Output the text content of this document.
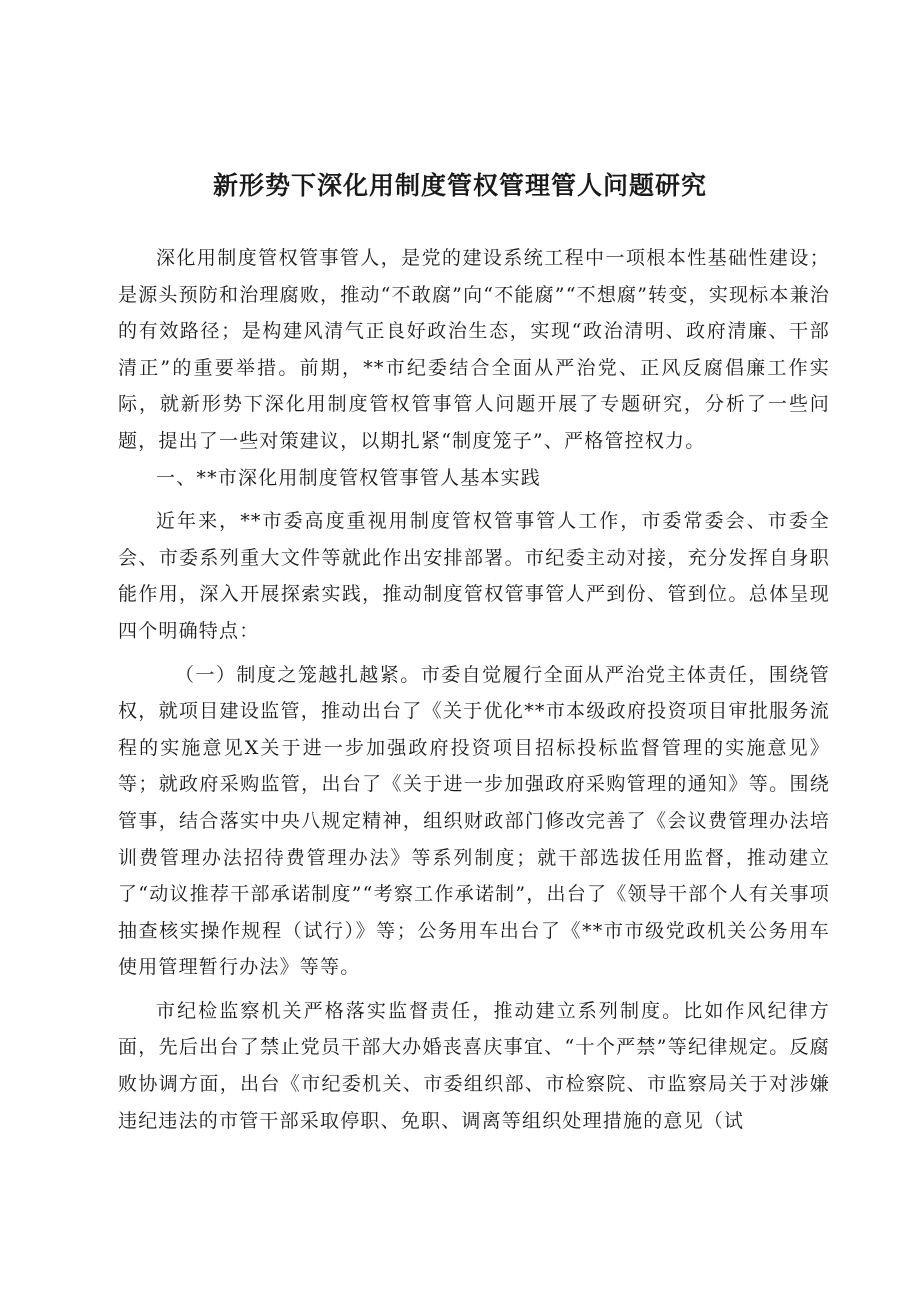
新形势下深化用制度管权管理管人问题研究

深化用制度管权管事管人，是党的建设系统工程中一项根本性基础性建设；是源头预防和治理腐败，推动“不敢腐”向“不能腐”“不想腐”转变，实现标本兼治的有效路径；是构建风清气正良好政治生态，实现“政治清明、政府清廉、干部清正”的重要举措。前期，**市纪委结合全面从严治党、正风反腐倡廉工作实际，就新形势下深化用制度管权管事管人问题开展了专题研究，分析了一些问题，提出了一些对策建议，以期扎紧“制度笼子”、严格管控权力。

一、**市深化用制度管权管事管人基本实践

近年来，**市委高度重视用制度管权管事管人工作，市委常委会、市委全会、市委系列重大文件等就此作出安排部署。市纪委主动对接，充分发挥自身职能作用，深入开展探索实践，推动制度管权管事管人严到份、管到位。总体呈现四个明确特点：

（一）制度之笼越扎越紧。市委自觉履行全面从严治党主体责任，围绕管权，就项目建设监管，推动出台了《关于优化**市本级政府投资项目审批服务流程的实施意见X关于进一步加强政府投资项目招标投标监督管理的实施意见》等；就政府采购监管，出台了《关于进一步加强政府采购管理的通知》等。围绕管事，结合落实中央八规定精神，组织财政部门修改完善了《会议费管理办法培训费管理办法招待费管理办法》等系列制度；就干部选拔任用监督，推动建立了“动议推荐干部承诺制度”“考察工作承诺制”，出台了《领导干部个人有关事项抽查核实操作规程（试行）》等；公务用车出台了《**市市级党政机关公务用车使用管理暂行办法》等等。

市纪检监察机关严格落实监督责任，推动建立系列制度。比如作风纪律方面，先后出台了禁止党员干部大办婚丧喜庆事宜、“十个严禁”等纪律规定。反腐败协调方面，出台《市纪委机关、市委组织部、市检察院、市监察局关于对涉嫌违纪违法的市管干部采取停职、免职、调离等组织处理措施的意见（试
